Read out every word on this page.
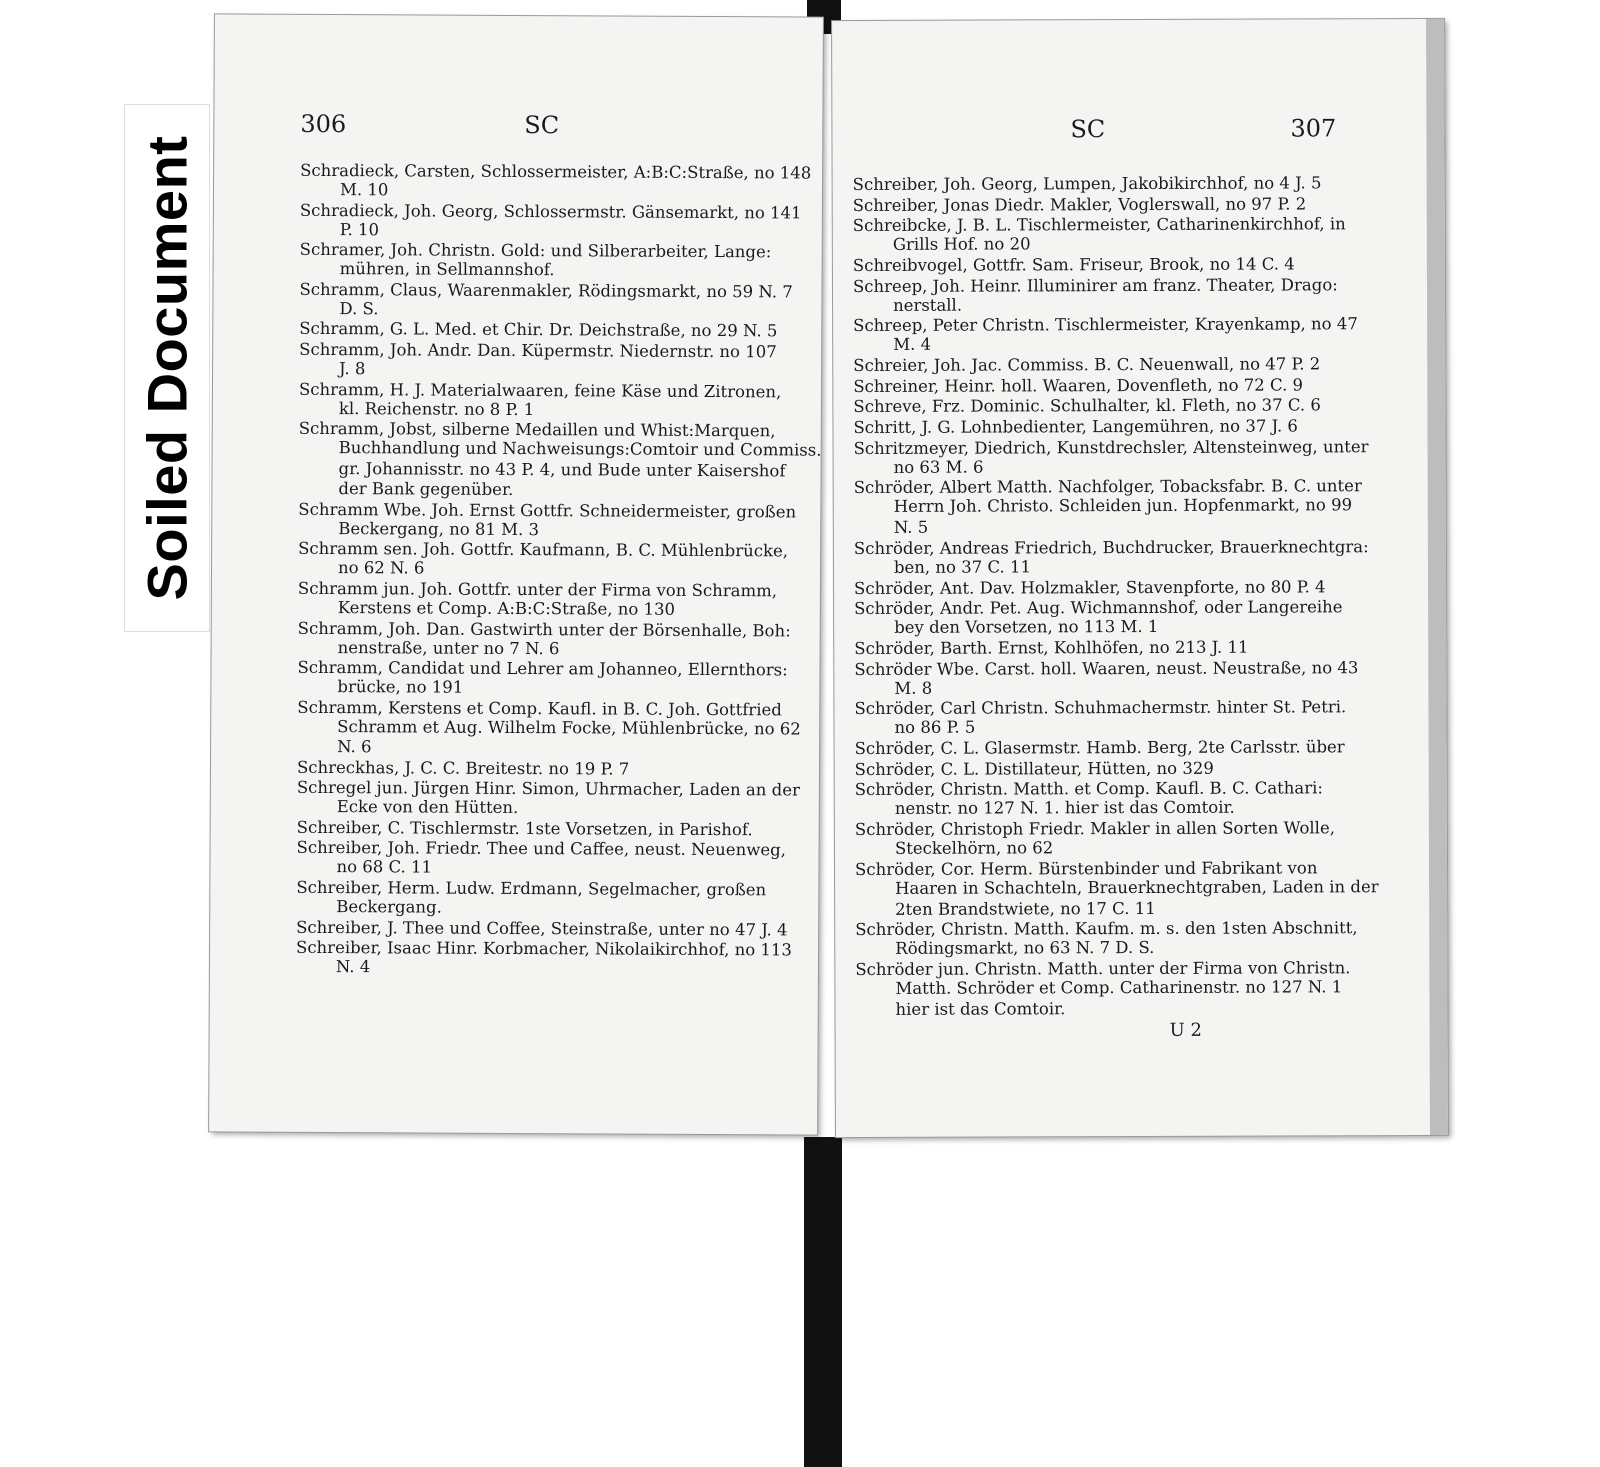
306	SC
Schradieck, Carsten, Schlossermeister, A:B:C:Straße, no 148
M. 10
Schradieck, Joh. Georg, Schlossermstr. Gänsemarkt, no 141
P. 10
Schramer, Joh. Christn. Gold: und Silberarbeiter, Lange:
mühren, in Sellmannshof.
Schramm, Claus, Waarenmakler, Rödingsmarkt, no 59 N. 7
D. S.
Schramm, G. L. Med. et Chir. Dr. Deichstraße, no 29 N. 5
Schramm, Joh. Andr. Dan. Küpermstr. Niedernstr. no 107
J. 8
Schramm, H. J. Materialwaaren, feine Käse und Zitronen,
kl. Reichenstr. no 8 P. 1
Schramm, Jobst, silberne Medaillen und Whist:Marquen,
Buchhandlung und Nachweisungs:Comtoir und Commiss.
gr. Johannisstr. no 43 P. 4, und Bude unter Kaisershof
der Bank gegenüber.
Schramm Wbe. Joh. Ernst Gottfr. Schneidermeister, großen
Beckergang, no 81 M. 3
Schramm sen. Joh. Gottfr. Kaufmann, B. C. Mühlenbrücke,
no 62 N. 6
Schramm jun. Joh. Gottfr. unter der Firma von Schramm,
Kerstens et Comp. A:B:C:Straße, no 130
Schramm, Joh. Dan. Gastwirth unter der Börsenhalle, Boh:
nenstraße, unter no 7 N. 6
Schramm, Candidat und Lehrer am Johanneo, Ellernthors:
brücke, no 191
Schramm, Kerstens et Comp. Kaufl. in B. C. Joh. Gottfried
Schramm et Aug. Wilhelm Focke, Mühlenbrücke, no 62
N. 6
Schreckhas, J. C. C. Breitestr. no 19 P. 7
Schregel jun. Jürgen Hinr. Simon, Uhrmacher, Laden an der
Ecke von den Hütten.
Schreiber, C. Tischlermstr. 1ste Vorsetzen, in Parishof.
Schreiber, Joh. Friedr. Thee und Caffee, neust. Neuenweg,
no 68 C. 11
Schreiber, Herm. Ludw. Erdmann, Segelmacher, großen
Beckergang.
Schreiber, J. Thee und Coffee, Steinstraße, unter no 47 J. 4
Schreiber, Isaac Hinr. Korbmacher, Nikolaikirchhof, no 113
N. 4
SC	307
Schreiber, Joh. Georg, Lumpen, Jakobikirchhof, no 4 J. 5
Schreiber, Jonas Diedr. Makler, Voglerswall, no 97 P. 2
Schreibcke, J. B. L. Tischlermeister, Catharinenkirchhof, in
Grills Hof. no 20
Schreibvogel, Gottfr. Sam. Friseur, Brook, no 14 C. 4
Schreep, Joh. Heinr. Illuminirer am franz. Theater, Drago:
nerstall.
Schreep, Peter Christn. Tischlermeister, Krayenkamp, no 47
M. 4
Schreier, Joh. Jac. Commiss. B. C. Neuenwall, no 47 P. 2
Schreiner, Heinr. holl. Waaren, Dovenfleth, no 72 C. 9
Schreve, Frz. Dominic. Schulhalter, kl. Fleth, no 37 C. 6
Schritt, J. G. Lohnbedienter, Langemühren, no 37 J. 6
Schritzmeyer, Diedrich, Kunstdrechsler, Altensteinweg, unter
no 63 M. 6
Schröder, Albert Matth. Nachfolger, Tobacksfabr. B. C. unter
Herrn Joh. Christo. Schleiden jun. Hopfenmarkt, no 99
N. 5
Schröder, Andreas Friedrich, Buchdrucker, Brauerknechtgra:
ben, no 37 C. 11
Schröder, Ant. Dav. Holzmakler, Stavenpforte, no 80 P. 4
Schröder, Andr. Pet. Aug. Wichmannshof, oder Langereihe
bey den Vorsetzen, no 113 M. 1
Schröder, Barth. Ernst, Kohlhöfen, no 213 J. 11
Schröder Wbe. Carst. holl. Waaren, neust. Neustraße, no 43
M. 8
Schröder, Carl Christn. Schuhmachermstr. hinter St. Petri.
no 86 P. 5
Schröder, C. L. Glasermstr. Hamb. Berg, 2te Carlsstr. über
Schröder, C. L. Distillateur, Hütten, no 329
Schröder, Christn. Matth. et Comp. Kaufl. B. C. Cathari:
nenstr. no 127 N. 1. hier ist das Comtoir.
Schröder, Christoph Friedr. Makler in allen Sorten Wolle,
Steckelhörn, no 62
Schröder, Cor. Herm. Bürstenbinder und Fabrikant von
Haaren in Schachteln, Brauerknechtgraben, Laden in der
2ten Brandstwiete, no 17 C. 11
Schröder, Christn. Matth. Kaufm. m. s. den 1sten Abschnitt,
Rödingsmarkt, no 63 N. 7 D. S.
Schröder jun. Christn. Matth. unter der Firma von Christn.
Matth. Schröder et Comp. Catharinenstr. no 127 N. 1
hier ist das Comtoir.
U 2
Soiled Document
